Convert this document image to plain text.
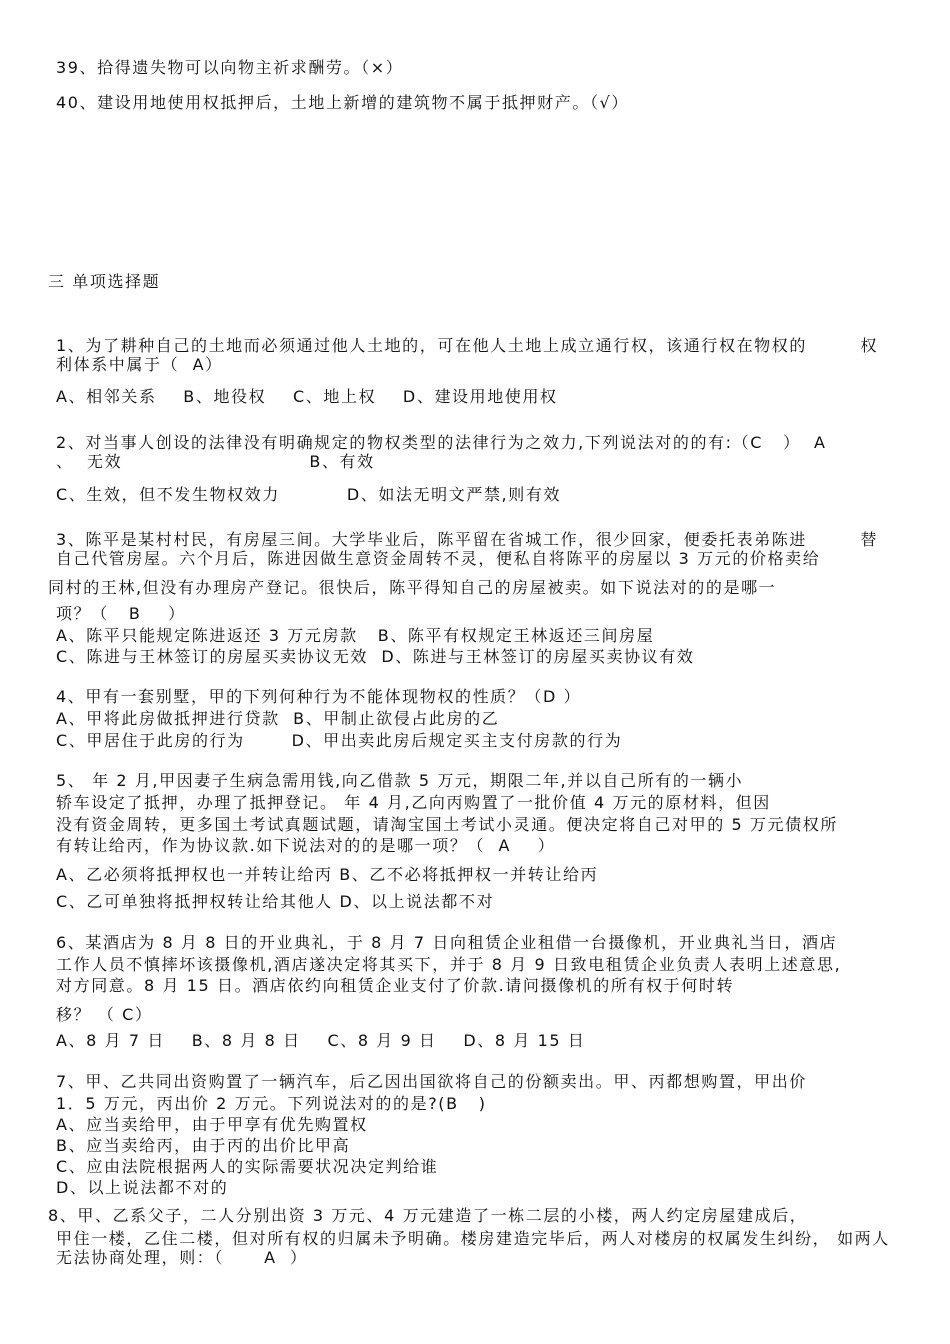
39、拾得遗失物可以向物主祈求酬劳。（×）
40、建设用地使用权抵押后，土地上新增的建筑物不属于抵押财产。（√）
三 单项选择题
1、为了耕种自己的土地而必须通过他人土地的，可在他人土地上成立通行权，该通行权在物权的        权
利体系中属于（  A）
A、相邻关系    B、地役权    C、地上权    D、建设用地使用权
2、对当事人创设的法律没有明确规定的物权类型的法律行为之效力,下列说法对的的有:（C   ）  A
、  无效                            B、有效
C、生效，但不发生物权效力          D、如法无明文严禁,则有效
3、陈平是某村村民，有房屋三间。大学毕业后，陈平留在省城工作，很少回家，便委托表弟陈进        替
自己代管房屋。六个月后，陈进因做生意资金周转不灵，便私自将陈平的房屋以 3 万元的价格卖给
同村的王林,但没有办理房产登记。很快后，陈平得知自己的房屋被卖。如下说法对的的是哪一
项？（   B    ）
A、陈平只能规定陈进返还 3 万元房款   B、陈平有权规定王林返还三间房屋
C、陈进与王林签订的房屋买卖协议无效  D、陈进与王林签订的房屋买卖协议有效
4、甲有一套别墅，甲的下列何种行为不能体现物权的性质？（D ）
A、甲将此房做抵押进行贷款  B、甲制止欲侵占此房的乙
C、甲居住于此房的行为       D、甲出卖此房后规定买主支付房款的行为
5、 年 2 月,甲因妻子生病急需用钱,向乙借款 5 万元，期限二年,并以自己所有的一辆小
轿车设定了抵押，办理了抵押登记。 年 4 月,乙向丙购置了一批价值 4 万元的原材料，但因
没有资金周转，更多国土考试真题试题，请淘宝国土考试小灵通。便决定将自己对甲的 5 万元债权所
有转让给丙，作为协议款.如下说法对的的是哪一项？（  A    ）
A、乙必须将抵押权也一并转让给丙 B、乙不必将抵押权一并转让给丙
C、乙可单独将抵押权转让给其他人 D、以上说法都不对
6、某酒店为 8 月 8 日的开业典礼，于 8 月 7 日向租赁企业租借一台摄像机，开业典礼当日，酒店
工作人员不慎摔坏该摄像机,酒店遂决定将其买下，并于 8 月 9 日致电租赁企业负责人表明上述意思,
对方同意。8 月 15 日。酒店依约向租赁企业支付了价款.请问摄像机的所有权于何时转
移？ （ C）
A、8 月 7 日    B、8 月 8 日    C、8 月 9 日    D、8 月 15 日
7、甲、乙共同出资购置了一辆汽车，后乙因出国欲将自己的份额卖出。甲、丙都想购置，甲出价
1．5 万元，丙出价 2 万元。下列说法对的的是?(B   )
A、应当卖给甲，由于甲享有优先购置权
B、应当卖给丙，由于丙的出价比甲高
C、应由法院根据两人的实际需要状况决定判给谁
D、以上说法都不对的
8、甲、乙系父子，二人分别出资 3 万元、4 万元建造了一栋二层的小楼，两人约定房屋建成后，
甲住一楼，乙住二楼，但对所有权的归属未予明确。楼房建造完毕后，两人对楼房的权属发生纠纷， 如两人
无法协商处理，则：（      A  ）
